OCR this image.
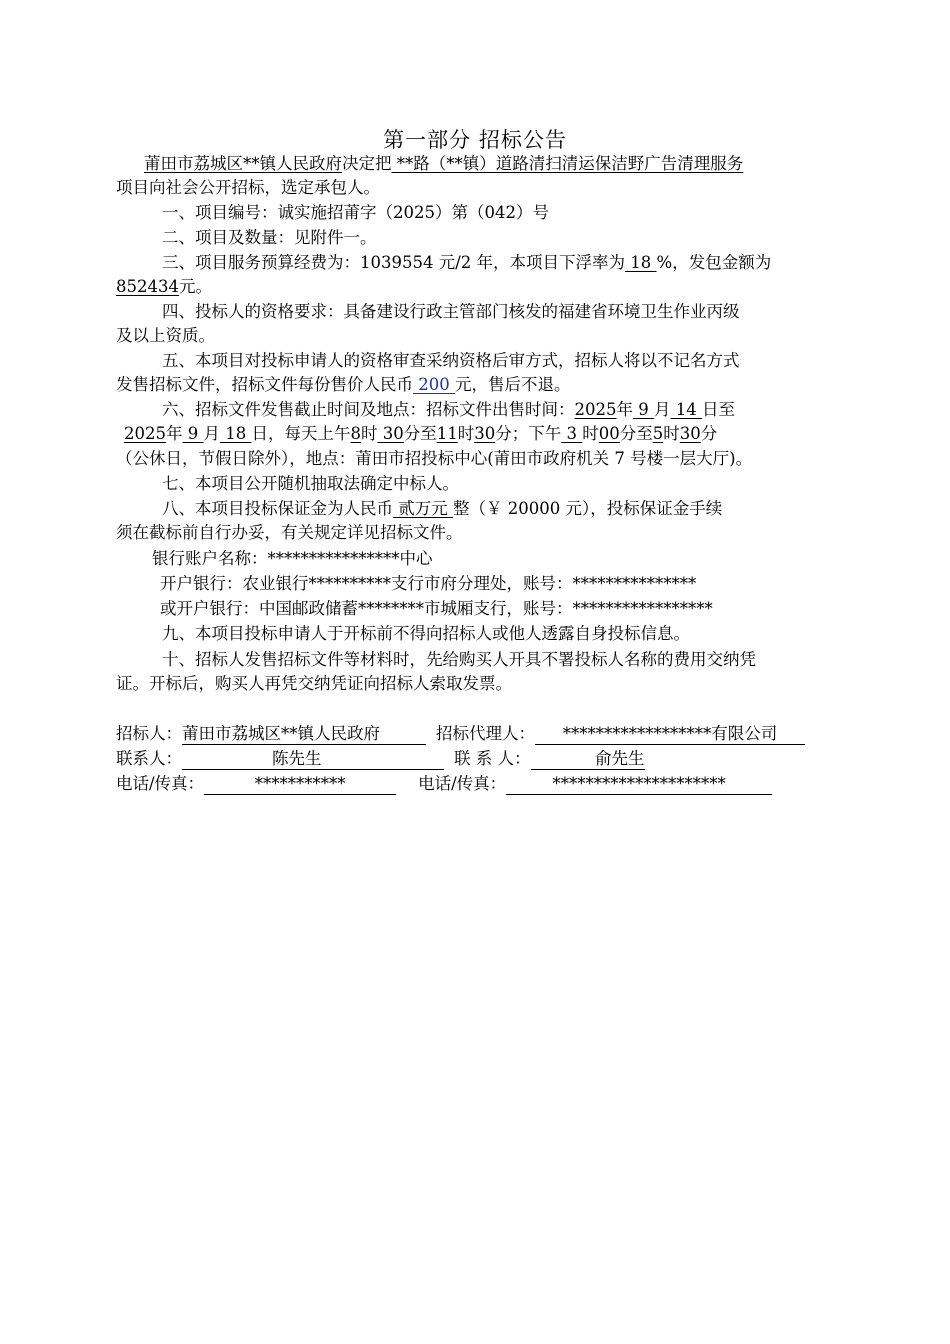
第一部分 招标公告
莆田市荔城区**镇人民政府决定把 **路（**镇）道路清扫清运保洁野广告清理服务
项目向社会公开招标，选定承包人。
一、项目编号：诚实施招莆字（2025）第（042）号
二、项目及数量：见附件一。
三、项目服务预算经费为：1039554 元/2 年，本项目下浮率为 18 %，发包金额为
852434元。
四、投标人的资格要求：具备建设行政主管部门核发的福建省环境卫生作业丙级
及以上资质。
五、本项目对投标申请人的资格审查采纳资格后审方式，招标人将以不记名方式
发售招标文件，招标文件每份售价人民币 200 元，售后不退。
六、招标文件发售截止时间及地点：招标文件出售时间：2025年 9 月 14 日至
2025年 9 月 18 日，每天上午8时 30分至11时30分；下午 3 时00分至5时30分
（公休日，节假日除外），地点：莆田市招投标中心(莆田市政府机关 7 号楼一层大厅)。
七、本项目公开随机抽取法确定中标人。
八、本项目投标保证金为人民币 贰万元 整（￥ 20000 元），投标保证金手续
须在截标前自行办妥，有关规定详见招标文件。
银行账户名称：****************中心
开户银行：农业银行**********支行市府分理处，账号：***************
或开户银行：中国邮政储蓄********市城厢支行，账号：*****************
九、本项目投标申请人于开标前不得向招标人或他人透露自身投标信息。
十、招标人发售招标文件等材料时，先给购买人开具不署投标人名称的费用交纳凭
证。开标后，购买人再凭交纳凭证向招标人索取发票。
招标人：莆田市荔城区**镇人民政府	招标代理人： ******************有限公司
联系人：	陈先生	联 系 人：	俞先生
电话/传真：	***********	电话/传真：	*********************
